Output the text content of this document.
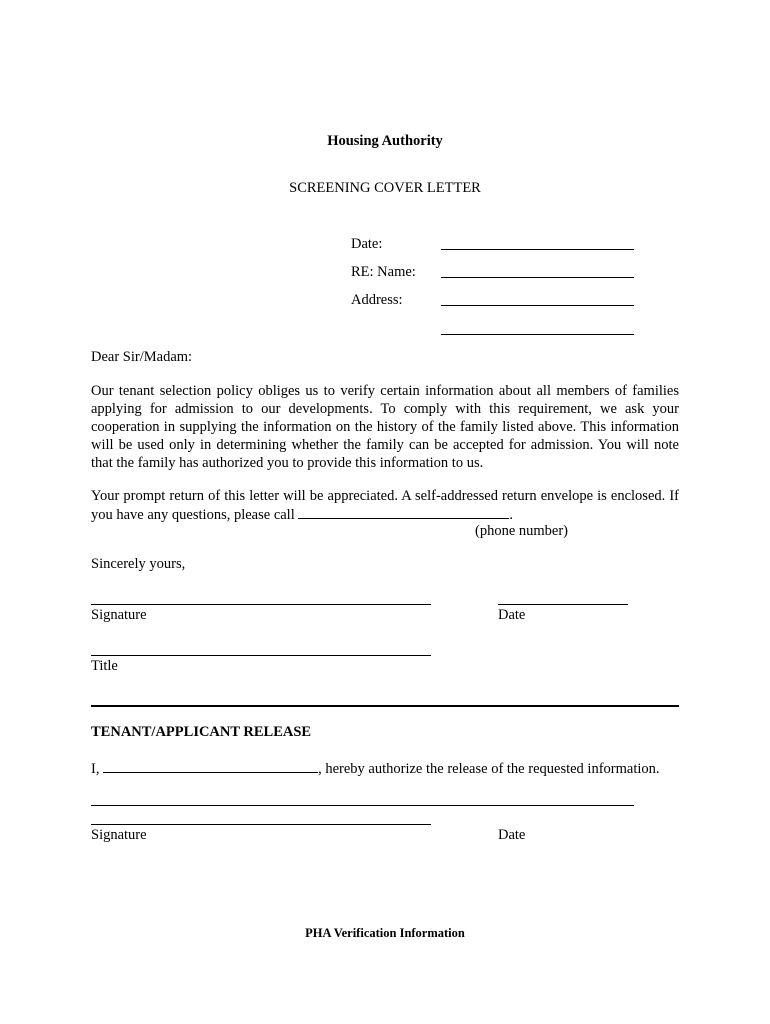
Housing Authority
SCREENING COVER LETTER
Date:
RE: Name:
Address:
Dear Sir/Madam:
Our tenant selection policy obliges us to verify certain information about all members of families applying for admission to our developments. To comply with this requirement, we ask your cooperation in supplying the information on the history of the family listed above. This information will be used only in determining whether the family can be accepted for admission. You will note that the family has authorized you to provide this information to us.
Your prompt return of this letter will be appreciated. A self-addressed return envelope is enclosed. If you have any questions, please call	.
(phone number)
Sincerely yours,
Signature	Date
Title
TENANT/APPLICANT RELEASE
I,	, hereby authorize the release of the requested information.
Signature	Date
PHA Verification Information
